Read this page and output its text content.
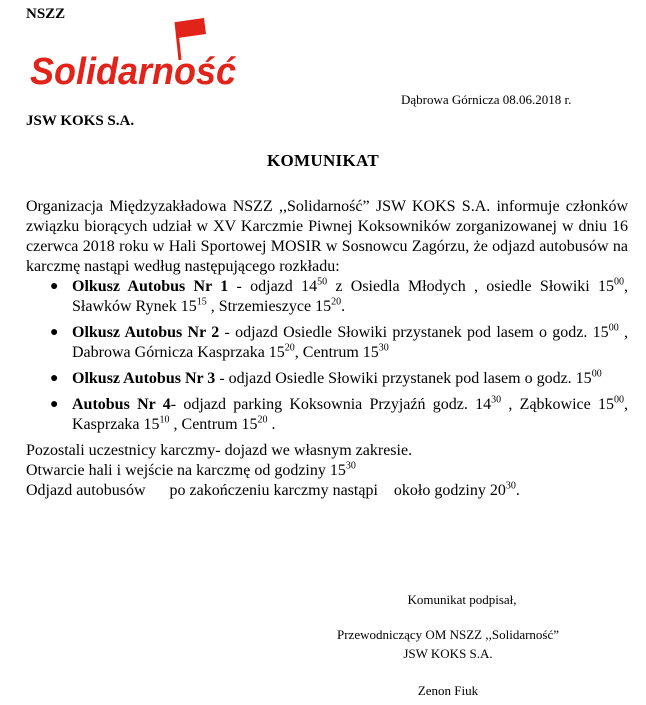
NSZZ
Solidarność
Dąbrowa Górnicza 08.06.2018 r.
JSW KOKS S.A.
KOMUNIKAT

Organizacja Międzyzakładowa NSZZ ,,Solidarność” JSW KOKS S.A. informuje członków związku biorących udział w XV Karczmie Piwnej Koksowników zorganizowanej w dniu 16 czerwca 2018 roku w Hali Sportowej MOSIR w Sosnowcu Zagórzu, że odjazd autobusów na karczmę nastąpi według następującego rozkładu:

● Olkusz Autobus Nr 1 - odjazd $14^{50}$ z Osiedla Młodych , osiedle Słowiki $15^{00}$, Sławków Rynek $15^{15}$ , Strzemieszyce $15^{20}$.
● Olkusz Autobus Nr 2 - odjazd Osiedle Słowiki przystanek pod lasem o godz. $15^{00}$ , Dabrowa Górnicza Kasprzaka $15^{20}$, Centrum $15^{30}$
● Olkusz Autobus Nr 3 - odjazd Osiedle Słowiki przystanek pod lasem o godz. $15^{00}$
● Autobus Nr 4- odjazd parking Koksownia Przyjaźń godz. $14^{30}$ , Ząbkowice $15^{00}$, Kasprzaka $15^{10}$ , Centrum $15^{20}$ .

Pozostali uczestnicy karczmy- dojazd we własnym zakresie.

Otwarcie hali i wejście na karczmę od godziny $15^{30}$

Odjazd autobusów      po zakończeniu karczmy nastąpi    około godziny $20^{30}$.

Komunikat podpisał,
Przewodniczący OM NSZZ ,,Solidarność”
JSW KOKS S.A.
Zenon Fiuk
